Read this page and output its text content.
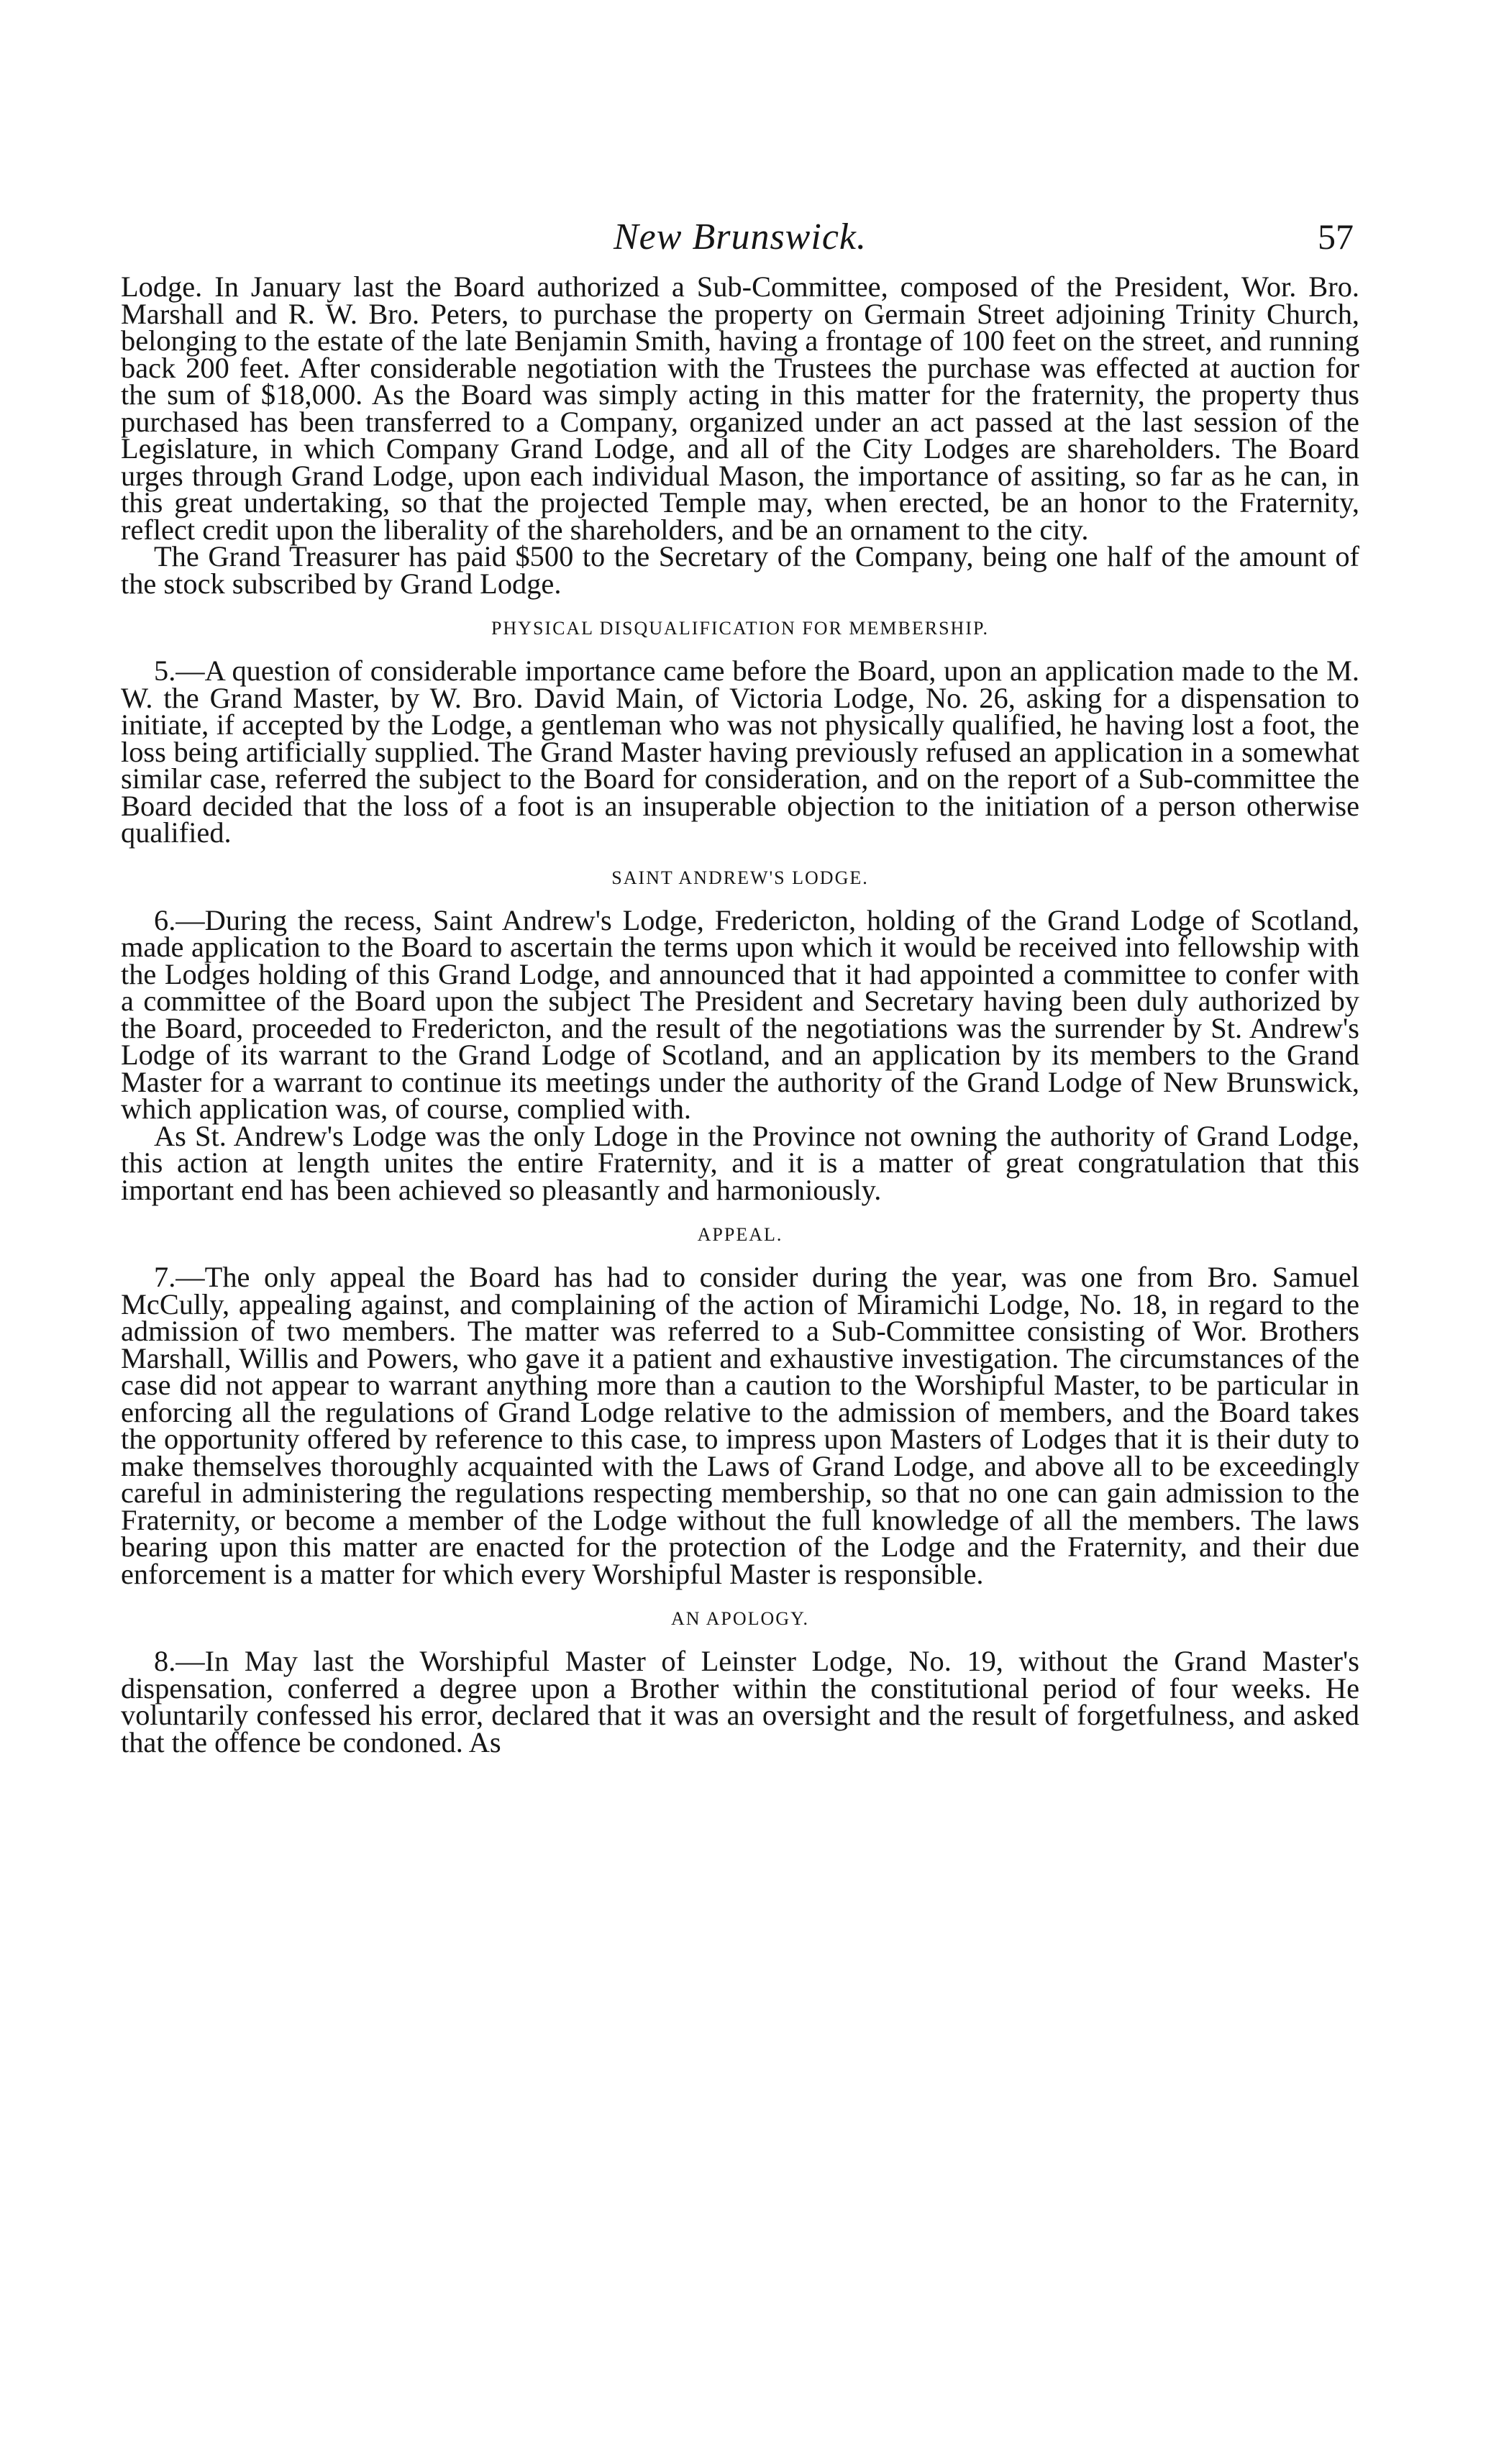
New Brunswick.	57

Lodge. In January last the Board authorized a Sub-Committee, composed of the President, Wor. Bro. Marshall and R. W. Bro. Peters, to purchase the property on Germain Street adjoining Trinity Church, belonging to the estate of the late Benjamin Smith, having a frontage of 100 feet on the street, and running back 200 feet. After considerable negotiation with the Trustees the purchase was effected at auction for the sum of $18,000. As the Board was simply acting in this matter for the fraternity, the property thus purchased has been transferred to a Company, organized under an act passed at the last session of the Legislature, in which Company Grand Lodge, and all of the City Lodges are shareholders. The Board urges through Grand Lodge, upon each individual Mason, the importance of assiting, so far as he can, in this great undertaking, so that the projected Temple may, when erected, be an honor to the Fraternity, reflect credit upon the liberality of the shareholders, and be an ornament to the city.

The Grand Treasurer has paid $500 to the Secretary of the Company, being one half of the amount of the stock subscribed by Grand Lodge.

PHYSICAL DISQUALIFICATION FOR MEMBERSHIP.

5.—A question of considerable importance came before the Board, upon an application made to the M. W. the Grand Master, by W. Bro. David Main, of Victoria Lodge, No. 26, asking for a dispensation to initiate, if accepted by the Lodge, a gentleman who was not physically qualified, he having lost a foot, the loss being artificially supplied. The Grand Master having previously refused an application in a somewhat similar case, referred the subject to the Board for consideration, and on the report of a Sub-committee the Board decided that the loss of a foot is an insuperable objection to the initiation of a person otherwise qualified.

SAINT ANDREW'S LODGE.

6.—During the recess, Saint Andrew's Lodge, Fredericton, holding of the Grand Lodge of Scotland, made application to the Board to ascertain the terms upon which it would be received into fellowship with the Lodges holding of this Grand Lodge, and announced that it had appointed a committee to confer with a committee of the Board upon the subject The President and Secretary having been duly authorized by the Board, proceeded to Fredericton, and the result of the negotiations was the surrender by St. Andrew's Lodge of its warrant to the Grand Lodge of Scotland, and an application by its members to the Grand Master for a warrant to continue its meetings under the authority of the Grand Lodge of New Brunswick, which application was, of course, complied with.

As St. Andrew's Lodge was the only Ldoge in the Province not owning the authority of Grand Lodge, this action at length unites the entire Fraternity, and it is a matter of great congratulation that this important end has been achieved so pleasantly and harmoniously.

APPEAL.

7.—The only appeal the Board has had to consider during the year, was one from Bro. Samuel McCully, appealing against, and complaining of the action of Miramichi Lodge, No. 18, in regard to the admission of two members. The matter was referred to a Sub-Committee consisting of Wor. Brothers Marshall, Willis and Powers, who gave it a patient and exhaustive investigation. The circumstances of the case did not appear to warrant anything more than a caution to the Worshipful Master, to be particular in enforcing all the regulations of Grand Lodge relative to the admission of members, and the Board takes the opportunity offered by reference to this case, to impress upon Masters of Lodges that it is their duty to make themselves thoroughly acquainted with the Laws of Grand Lodge, and above all to be exceedingly careful in administering the regulations respecting membership, so that no one can gain admission to the Fraternity, or become a member of the Lodge without the full knowledge of all the members. The laws bearing upon this matter are enacted for the protection of the Lodge and the Fraternity, and their due enforcement is a matter for which every Worshipful Master is responsible.

AN APOLOGY.

8.—In May last the Worshipful Master of Leinster Lodge, No. 19, without the Grand Master's dispensation, conferred a degree upon a Brother within the constitutional period of four weeks. He voluntarily confessed his error, declared that it was an oversight and the result of forgetfulness, and asked that the offence be condoned. As
